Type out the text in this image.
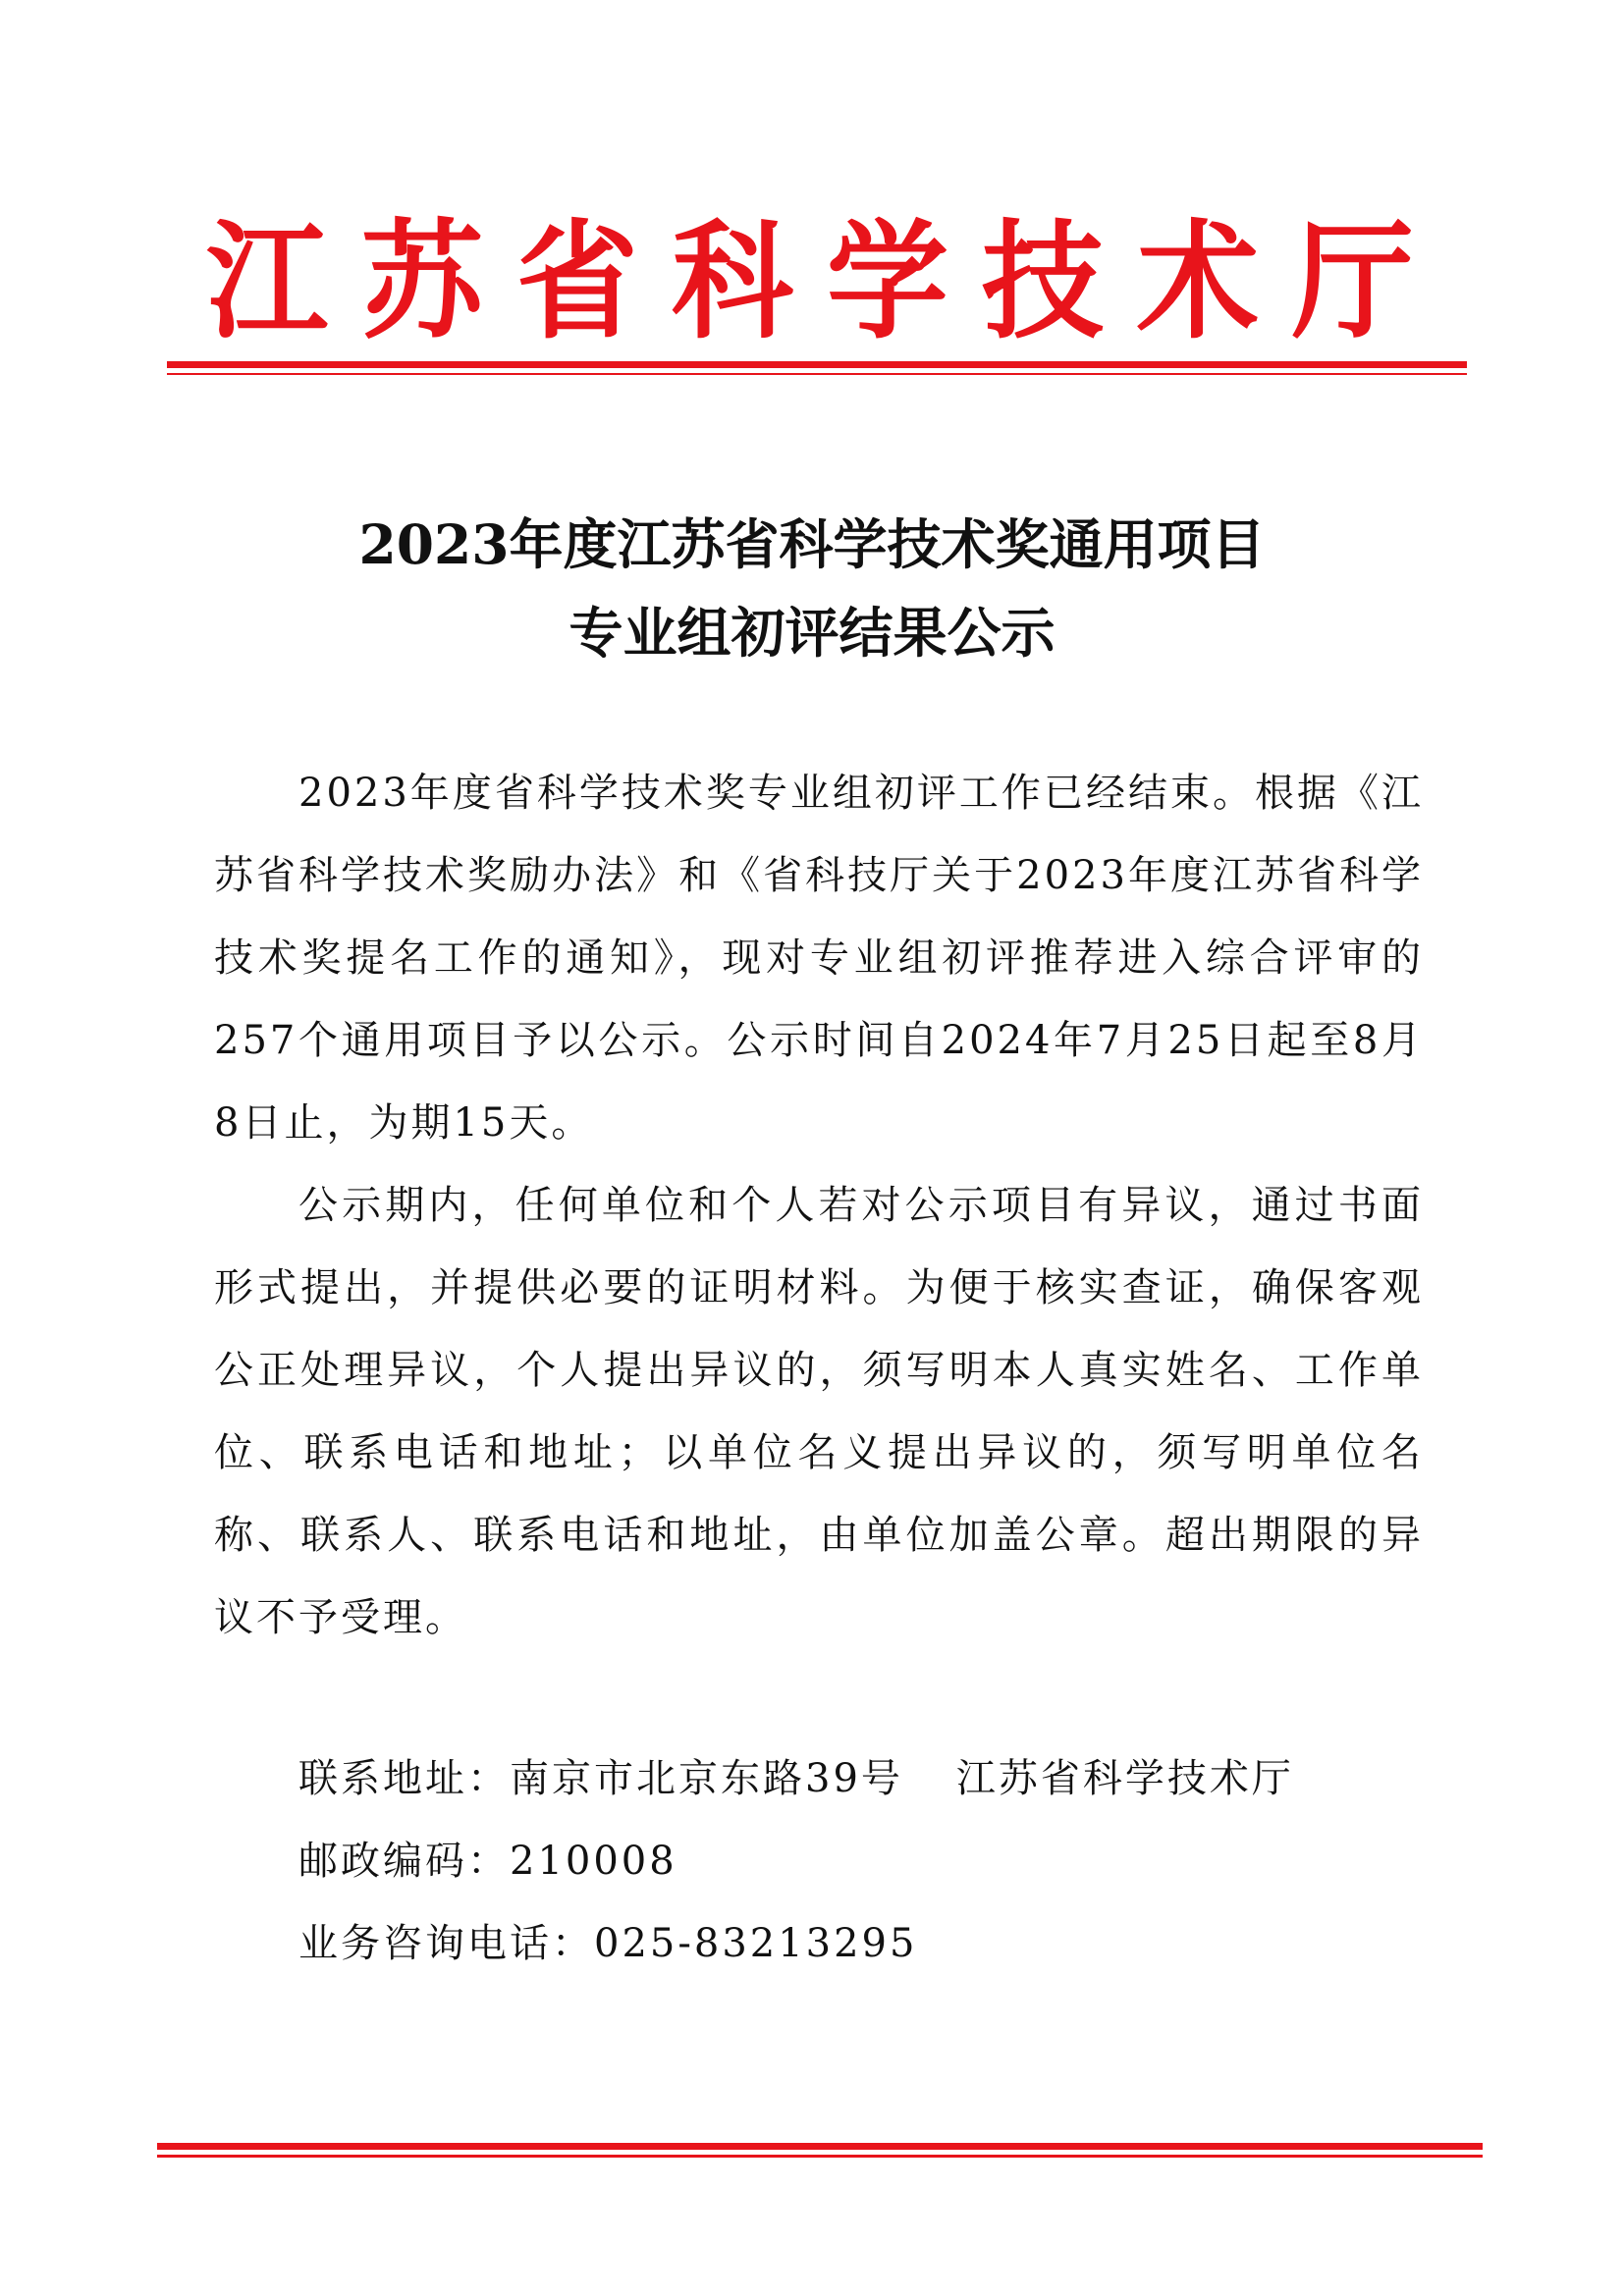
江 苏 省 科 学 技 术 厅
2023年度江苏省科学技术奖通用项目
专业组初评结果公示

2023年度省科学技术奖专业组初评工作已经结束。根据《江苏省科学技术奖励办法》和《省科技厅关于2023年度江苏省科学技术奖提名工作的通知》，现对专业组初评推荐进入综合评审的257个通用项目予以公示。公示时间自2024年7月25日起至8月8日止，为期15天。

公示期内，任何单位和个人若对公示项目有异议，通过书面形式提出，并提供必要的证明材料。为便于核实查证，确保客观公正处理异议，个人提出异议的，须写明本人真实姓名、工作单位、联系电话和地址；以单位名义提出异议的，须写明单位名称、联系人、联系电话和地址，由单位加盖公章。超出期限的异议不予受理。

联系地址：南京市北京东路39号 江苏省科学技术厅
邮政编码：210008
业务咨询电话：025-83213295
